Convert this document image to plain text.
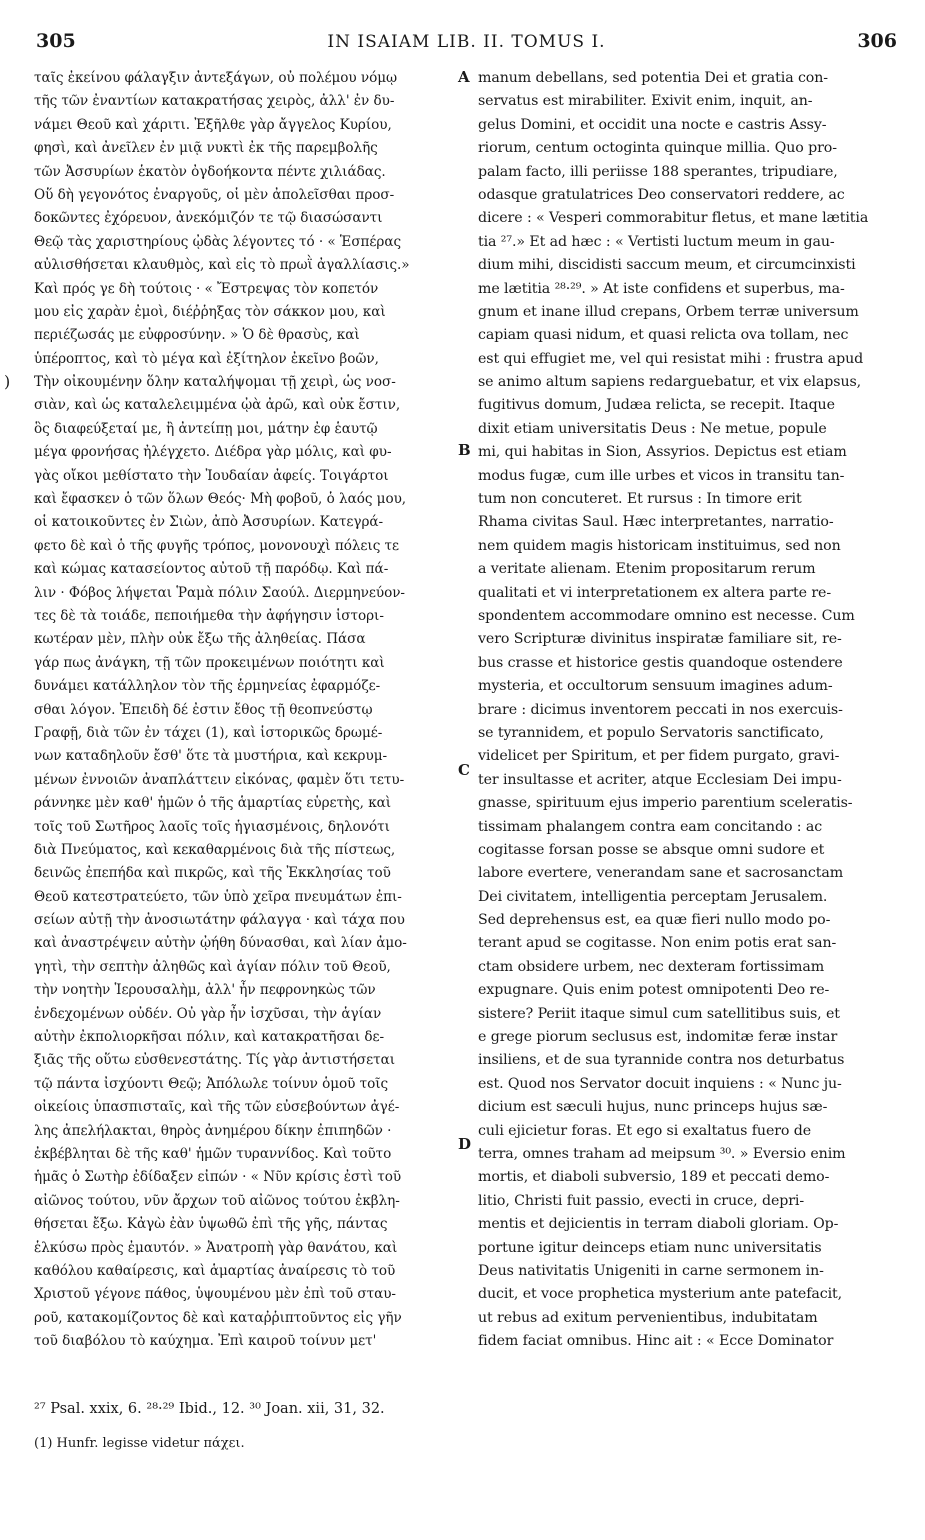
305	IN ISAIAM LIB. II. TOMUS I.	306
ταῖς ἐκείνου φάλαγξιν ἀντεξάγων, οὐ πολέμου νόμῳ
τῆς τῶν ἐναντίων κατακρατήσας χειρὸς, ἀλλ' ἐν δυ-
νάμει Θεοῦ καὶ χάριτι. Ἐξῆλθε γὰρ ἄγγελος Κυρίου,
φησὶ, καὶ ἀνεῖλεν ἐν μιᾷ νυκτὶ ἐκ τῆς παρεμβολῆς
τῶν Ἀσσυρίων ἑκατὸν ὀγδοήκοντα πέντε χιλιάδας.
Οὕ δὴ γεγονότος ἐναργοῦς, οἱ μὲν ἀπολεῖσθαι προσ-
δοκῶντες ἐχόρευον, ἀνεκόμιζόν τε τῷ διασώσαντι
Θεῷ τὰς χαριστηρίους ᾠδὰς λέγοντες τό · « Ἑσπέρας
αὐλισθήσεται κλαυθμὸς, καὶ εἰς τὸ πρωῒ ἀγαλλίασις.»
Καὶ πρός γε δὴ τούτοις · « Ἔστρεψας τὸν κοπετόν
μου εἰς χαρὰν ἐμοὶ, διέῤῥηξας τὸν σάκκον μου, καὶ
περιέζωσάς με εὐφροσύνην. » Ὁ δὲ θρασὺς, καὶ
ὑπέροπτος, καὶ τὸ μέγα καὶ ἐξίτηλον ἐκεῖνο βοῶν,
Τὴν οἰκουμένην ὅλην καταλήψομαι τῇ χειρὶ, ὡς νοσ-
σιὰν, καὶ ὡς καταλελειμμένα ᾠὰ ἀρῶ, καὶ οὐκ ἔστιν,
ὃς διαφεύξεταί με, ἢ ἀντείπῃ μοι, μάτην ἐφ ἑαυτῷ
μέγα φρονήσας ἠλέγχετο. Διέδρα γὰρ μόλις, καὶ φυ-
γὰς οἴκοι μεθίστατο τὴν Ἰουδαίαν ἀφείς. Τοιγάρτοι
καὶ ἔφασκεν ὁ τῶν ὅλων Θεός· Μὴ φοβοῦ, ὁ λαός μου,
οἱ κατοικοῦντες ἐν Σιὼν, ἀπὸ Ἀσσυρίων. Κατεγρά-
φετο δὲ καὶ ὁ τῆς φυγῆς τρόπος, μονονουχὶ πόλεις τε
καὶ κώμας κατασείοντος αὐτοῦ τῇ παρόδῳ. Καὶ πά-
λιν · Φόβος λήψεται Ῥαμὰ πόλιν Σαούλ. Διερμηνεύον-
τες δὲ τὰ τοιάδε, πεποιήμεθα τὴν ἀφήγησιν ἱστορι-
κωτέραν μὲν, πλὴν οὐκ ἔξω τῆς ἀληθείας. Πάσα
γάρ πως ἀνάγκη, τῇ τῶν προκειμένων ποιότητι καὶ
δυνάμει κατάλληλον τὸν τῆς ἑρμηνείας ἐφαρμόζε-
σθαι λόγον. Ἐπειδὴ δέ ἐστιν ἔθος τῇ θεοπνεύστῳ
Γραφῇ, διὰ τῶν ἐν τάχει (1), καὶ ἱστορικῶς δρωμέ-
νων καταδηλοῦν ἔσθ' ὅτε τὰ μυστήρια, καὶ κεκρυμ-
μένων ἐννοιῶν ἀναπλάττειν εἰκόνας, φαμὲν ὅτι τετυ-
ράννηκε μὲν καθ' ἡμῶν ὁ τῆς ἁμαρτίας εὑρετὴς, καὶ
τοῖς τοῦ Σωτῆρος λαοῖς τοῖς ἡγιασμένοις, δηλονότι
διὰ Πνεύματος, καὶ κεκαθαρμένοις διὰ τῆς πίστεως,
δεινῶς ἐπεπήδα καὶ πικρῶς, καὶ τῆς Ἐκκλησίας τοῦ
Θεοῦ κατεστρατεύετο, τῶν ὑπὸ χεῖρα πνευμάτων ἐπι-
σείων αὐτῇ τὴν ἀνοσιωτάτην φάλαγγα · καὶ τάχα που
καὶ ἀναστρέψειν αὐτὴν ᾠήθη δύνασθαι, καὶ λίαν ἀμο-
γητὶ, τὴν σεπτὴν ἀληθῶς καὶ ἁγίαν πόλιν τοῦ Θεοῦ,
τὴν νοητὴν Ἱερουσαλὴμ, ἀλλ' ἦν πεφρονηκὼς τῶν
ἐνδεχομένων οὐδέν. Οὐ γὰρ ἦν ἰσχῦσαι, τὴν ἁγίαν
αὐτὴν ἐκπολιορκῆσαι πόλιν, καὶ κατακρατῆσαι δε-
ξιᾶς τῆς οὕτω εὐσθενεστάτης. Τίς γὰρ ἀντιστήσεται
τῷ πάντα ἰσχύοντι Θεῷ; Ἀπόλωλε τοίνυν ὁμοῦ τοῖς
οἰκείοις ὑπασπισταῖς, καὶ τῆς τῶν εὐσεβούντων ἀγέ-
λης ἀπελήλακται, θηρὸς ἀνημέρου δίκην ἐπιπηδῶν ·
ἐκβέβληται δὲ τῆς καθ' ἡμῶν τυραννίδος. Καὶ τοῦτο
ἡμᾶς ὁ Σωτὴρ ἐδίδαξεν εἰπών · « Νῦν κρίσις ἐστὶ τοῦ
αἰῶνος τούτου, νῦν ἄρχων τοῦ αἰῶνος τούτου ἐκβλη-
θήσεται ἔξω. Κἀγὼ ἐὰν ὑψωθῶ ἐπὶ τῆς γῆς, πάντας
ἑλκύσω πρὸς ἐμαυτόν. » Ἀνατροπὴ γὰρ θανάτου, καὶ
καθόλου καθαίρεσις, καὶ ἁμαρτίας ἀναίρεσις τὸ τοῦ
Χριστοῦ γέγονε πάθος, ὑψουμένου μὲν ἐπὶ τοῦ σταυ-
ροῦ, κατακομίζοντος δὲ καὶ καταῤῥιπτοῦντος εἰς γῆν
τοῦ διαβόλου τὸ καύχημα. Ἐπὶ καιροῦ τοίνυν μετ'
manum debellans, sed potentia Dei et gratia con-
servatus est mirabiliter. Exivit enim, inquit, an-
gelus Domini, et occidit una nocte e castris Assy-
riorum, centum octoginta quinque millia. Quo pro-
palam facto, illi periisse 188 sperantes, tripudiare,
odasque gratulatrices Deo conservatori reddere, ac
dicere : « Vesperi commorabitur fletus, et mane lætitia
tia ²⁷.» Et ad hæc : « Vertisti luctum meum in gau-
dium mihi, discidisti saccum meum, et circumcinxisti
me lætitia ²⁸·²⁹. » At iste confidens et superbus, ma-
gnum et inane illud crepans, Orbem terræ universum
capiam quasi nidum, et quasi relicta ova tollam, nec
est qui effugiet me, vel qui resistat mihi : frustra apud
se animo altum sapiens redarguebatur, et vix elapsus,
fugitivus domum, Judæa relicta, se recepit. Itaque
dixit etiam universitatis Deus : Ne metue, popule
mi, qui habitas in Sion, Assyrios. Depictus est etiam
modus fugæ, cum ille urbes et vicos in transitu tan-
tum non concuteret. Et rursus : In timore erit
Rhama civitas Saul. Hæc interpretantes, narratio-
nem quidem magis historicam instituimus, sed non
a veritate alienam. Etenim propositarum rerum
qualitati et vi interpretationem ex altera parte re-
spondentem accommodare omnino est necesse. Cum
vero Scripturæ divinitus inspiratæ familiare sit, re-
bus crasse et historice gestis quandoque ostendere
mysteria, et occultorum sensuum imagines adum-
brare : dicimus inventorem peccati in nos exercuis-
se tyrannidem, et populo Servatoris sanctificato,
videlicet per Spiritum, et per fidem purgato, gravi-
ter insultasse et acriter, atque Ecclesiam Dei impu-
gnasse, spirituum ejus imperio parentium sceleratis-
tissimam phalangem contra eam concitando : ac
cogitasse forsan posse se absque omni sudore et
labore evertere, venerandam sane et sacrosanctam
Dei civitatem, intelligentia perceptam Jerusalem.
Sed deprehensus est, ea quæ fieri nullo modo po-
terant apud se cogitasse. Non enim potis erat san-
ctam obsidere urbem, nec dexteram fortissimam
expugnare. Quis enim potest omnipotenti Deo re-
sistere? Periit itaque simul cum satellitibus suis, et
e grege piorum seclusus est, indomitæ feræ instar
insiliens, et de sua tyrannide contra nos deturbatus
est. Quod nos Servator docuit inquiens : « Nunc ju-
dicium est sæculi hujus, nunc princeps hujus sæ-
culi ejicietur foras. Et ego si exaltatus fuero de
terra, omnes traham ad meipsum ³⁰. » Eversio enim
mortis, et diaboli subversio, 189 et peccati demo-
litio, Christi fuit passio, evecti in cruce, depri-
mentis et dejicientis in terram diaboli gloriam. Op-
portune igitur deinceps etiam nunc universitatis
Deus nativitatis Unigeniti in carne sermonem in-
ducit, et voce prophetica mysterium ante patefacit,
ut rebus ad exitum pervenientibus, indubitatam
fidem faciat omnibus. Hinc ait : « Ecce Dominator
A
B
C
D
)
²⁷ Psal. xxix, 6. ²⁸·²⁹ Ibid., 12. ³⁰ Joan. xii, 31, 32.
(1) Hunfr. legisse videtur πάχει.
